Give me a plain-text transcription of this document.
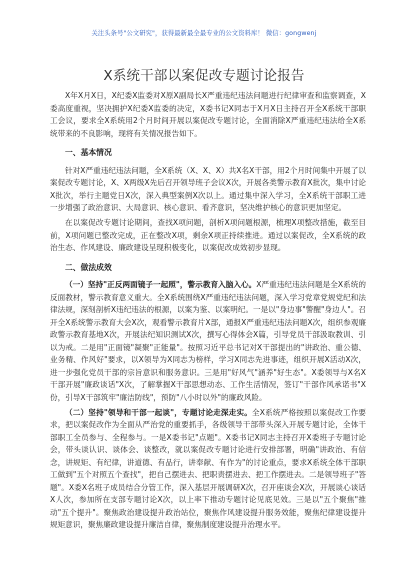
关注头条号"公文研究"，获得最新最全最专业的公文资料库！ 微信：gongwenj
X系统干部以案促改专题讨论报告

X年X月X日，X纪委X监委对X原X副局长X严重违纪违法问题进行纪律审查和监察调查，X委高度重视，坚决拥护X纪委X监委的决定，X委书记X同志于X月X日主持召开全X系统干部职工会议，要求全X系统用2个月时间开展以案促改专题讨论，全面消除X严重违纪违法给全X系统带来的不良影响，现将有关情况报告如下。

一、基本情况

针对X严重违纪违法问题，全X系统（X、X、X）共X名X干部，用2个月时间集中开展了以案促改专题讨论，X、X两级X先后召开领导班子会议X次，开展各类警示教育X批次，集中讨论X批次，举行主题党日X次，深入典型案例X次以上。通过集中深入学习，全X系统干部职工进一步增强了政治意识、大局意识、核心意识、看齐意识，坚决维护核心的意识更加坚定。

在以案促改专题讨论期间，查找X项问题，剖析X项问题根源，梳理X项整改措施，截至目前，X项问题已整改完成，正在整改X项，剩余X项正持续推进。通过以案促改，全X系统的政治生态、作风建设、廉政建设呈现积极变化，以案促改成效初步显现。

二、做法成效

（一）坚持"正反两面镜子一起照"，警示教育入脑入心。X严重违纪违法问题是全X系统的反面教材，警示教育意义重大。全X系统围绕X严重违纪违法问题，深入学习党章党规党纪和法律法规，深刻剖析X违纪违法的根源，以案为鉴、以案明纪。一是以"身边事"警醒"身边人"。召开全X系统警示教育大会X次，观看警示教育片X部，通报X严重违纪违法问题X次，组织参观廉政警示教育基地X次，开展法纪知识测试X次，撰写心得体会X篇，引导党员干部汲取教训、引以为戒。二是用"正面镜"凝聚"正能量"。按照习近平总书记对X干部提出的"讲政治、重公德、业务精、作风好"要求，以X领导为X同志为榜样，学习X同志先进事迹，组织开展X活动X次，进一步强化党员干部的宗旨意识和服务意识。三是用"好风气"涵养"好生态"。X委领导与X名X干部开展"廉政谈话"X次，了解掌握X干部思想动态、工作生活情况，签订"干部作风承诺书"X份，引导X干部筑牢"廉洁防线"，预防"八小时以外"的廉政风险。

（二）坚持"领导和干部一起谈"，专题讨论走深走实。全X系统严格按照以案促改工作要求，把以案促改作为全面从严治党的重要抓手，各级领导干部带头深入开展专题讨论，全体干部职工全员参与、全程参与。一是X委书记"点题"。X委书记X同志主持召开X委班子专题讨论会，带头谈认识、谈体会、谈整改，就以案促改专题讨论进行安排部署，明确"讲政治、有信念，讲规矩、有纪律，讲道德、有品行，讲奉献、有作为"的讨论重点，要求X系统全体干部职工做到"五个对照五个查找"，把自己摆进去、把职责摆进去、把工作摆进去。二是领导班子"答题"。X委X名班子成员结合分管工作，深入基层开展调研X次，召开座谈会X次，开展谈心谈话X人次，参加所在支部专题讨论X次，以上率下推动专题讨论见底见效。三是以"五个聚焦"推动"五个提升"。聚焦政治建设提升政治站位，聚焦作风建设提升服务效能，聚焦纪律建设提升规矩意识，聚焦廉政建设提升廉洁自律，聚焦制度建设提升治理水平。
